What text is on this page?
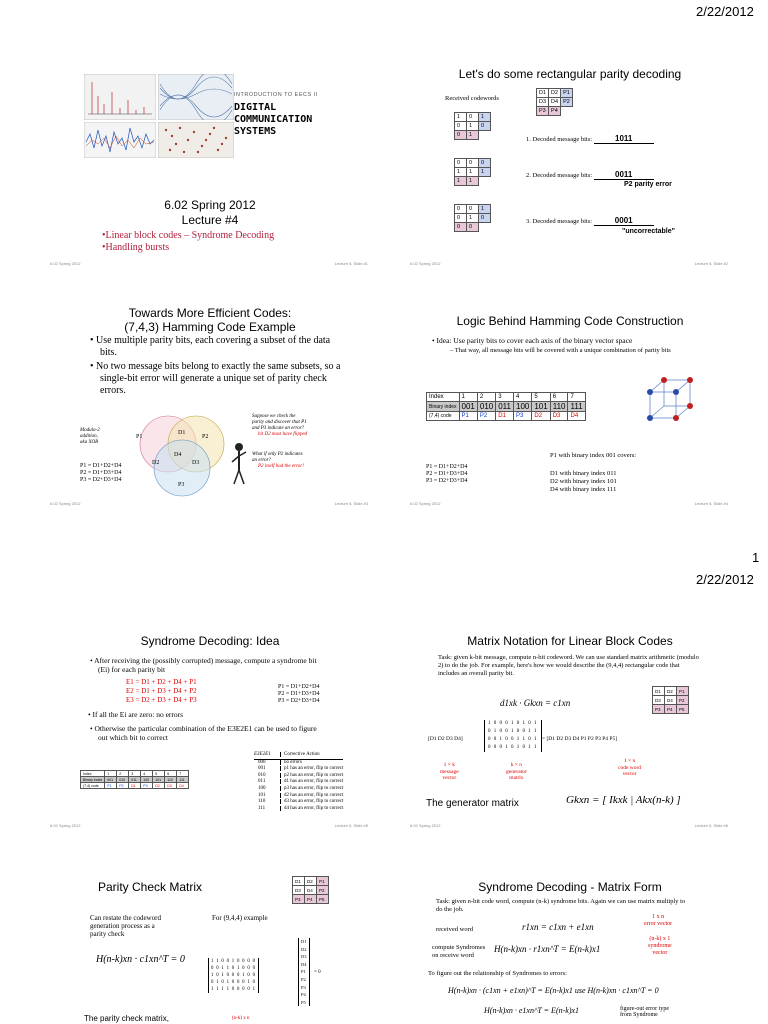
2/22/2012
1
2/22/2012
INTRODUCTION TO EECS II
DIGITAL
COMMUNICATION
SYSTEMS
6.02 Spring 2012
Lecture #4
•Linear block codes – Syndrome Decoding
•Handling bursts
6.02 Spring 2012	Lecture 5, Slide #1
Let's do some rectangular parity decoding
Received codewords
D1	D2	P1
D3	D4	P2
P3	P4	
1	0	1
0	1	0
0	1	
1. Decoded message bits:	1011
0	0	0
1	1	1
1	1	
2. Decoded message bits:	0011
P2 parity error
0	0	1
0	1	0
0	0	
3. Decoded message bits:	0001
"uncorrectable"
6.02 Spring 2012	Lecture 5, Slide #2
Towards More Efficient Codes:
(7,4,3) Hamming Code Example
• Use multiple parity bits, each covering a subset of the data bits.
• No two message bits belong to exactly the same subsets, so a single-bit error will generate a unique set of parity check errors.
Modulo-2
addition,
aka XOR
P1	P2
P3
D1
D2	D3
D4
P1 = D1+D2+D4
P2 = D1+D3+D4
P3 = D2+D3+D4
Suppose we check the
parity and discover that P1
and P3 indicate an error?
bit D2 must have flipped
What if only P2 indicates
an error?
P2 itself had the error!
6.02 Spring 2012	Lecture 5, Slide #3
Logic Behind Hamming Code Construction
• Idea: Use parity bits to cover each axis of the binary vector space
– That way, all message bits will be covered with a unique combination of parity bits
Index	1	2	3	4	5	6	7
Binary index	001	010	011	100	101	110	111
(7,4) code	P1	P2	D1	P3	D2	D3	D4
P1 with binary index 001 covers:
P1 = D1+D2+D4
P2 = D1+D3+D4
P3 = D2+D3+D4
D1 with binary index 011
D2 with binary index 101
D4 with binary index 111
6.02 Spring 2012	Lecture 5, Slide #4
Syndrome Decoding: Idea
• After receiving the (possibly corrupted) message, compute a syndrome bit (Ei) for each parity bit
E1 = D1 + D2 + D4 + P1
E2 = D1 + D3 + D4 + P2
E3 = D2 + D3 + D4 + P3
P1 = D1+D2+D4
P2 = D1+D3+D4
P3 = D2+D3+D4
• If all the Ei are zero: no errors
• Otherwise the particular combination of the E3E2E1 can be used to figure out which bit to correct
Index	1	2	3	4	5	6	7
Binary index	001	010	011	100	101	110	111
(7,4) code	P1	P2	D1	P3	D2	D3	D4
E3E2E1	Corrective Action
000	no errors
001	p1 has an error, flip to correct
010	p2 has an error, flip to correct
011	d1 has an error, flip to correct
100	p3 has an error, flip to correct
101	d2 has an error, flip to correct
110	d3 has an error, flip to correct
111	d4 has an error, flip to correct
6.02 Spring 2012	Lecture 5, Slide #5
Matrix Notation for Linear Block Codes
Task: given k-bit message, compute n-bit codeword. We can use standard matrix arithmetic (modulo 2) to do the job. For example, here's how we would describe the (9,4,4) rectangular code that includes an overall parity bit.
d1xk · Gkxn = c1xn
D1	D2	P1
D3	D4	P2
P3	P4	P5
[D1 D2 D3 D4]
1 0 0 0 1 0 1 0 1
0 1 0 0 1 0 0 1 1
0 0 1 0 0 1 1 0 1
0 0 0 1 0 1 0 1 1
= [D1 D2 D3 D4 P1 P2 P3 P4 P5]
1 × k
message
vector
k × n
generator
matrix
1 × n
code word
vector
The generator matrix	Gkxn = [ Ikxk | Akx(n-k) ]
6.02 Spring 2012	Lecture 5, Slide #6
Parity Check Matrix	D1	D2	P1
D3	D4	P2
P3	P4	P5
Can restate the codeword
generation process as a
parity check
For (9,4,4) example
H(n-k)xn · c1xn^T = 0	1 1 0 0 1 0 0 0 0
0 0 1 1 0 1 0 0 0
1 0 1 0 0 0 1 0 0
0 1 0 1 0 0 0 1 0
1 1 1 1 0 0 0 0 1
D1
D2
D3
D4
P1
P2
P3
P4
P5
= 0
The parity check matrix,	(n-k) x n
Syndrome Decoding - Matrix Form
Task: given n-bit code word, compute (n-k) syndrome bits. Again we can use matrix multiply to do the job.
received word	r1xn = c1xn + e1xn
1 x n
error vector
compute Syndromes
on receive word
H(n-k)xn · r1xn^T = E(n-k)x1
(n-k) x 1
syndrome
vector
To figure out the relationship of Syndromes to errors:
H(n-k)xn · (c1xn + e1xn)^T = E(n-k)x1 use H(n-k)xn · c1xn^T = 0
H(n-k)xn · e1xn^T = E(n-k)x1	figure-out error type
from Syndrome
